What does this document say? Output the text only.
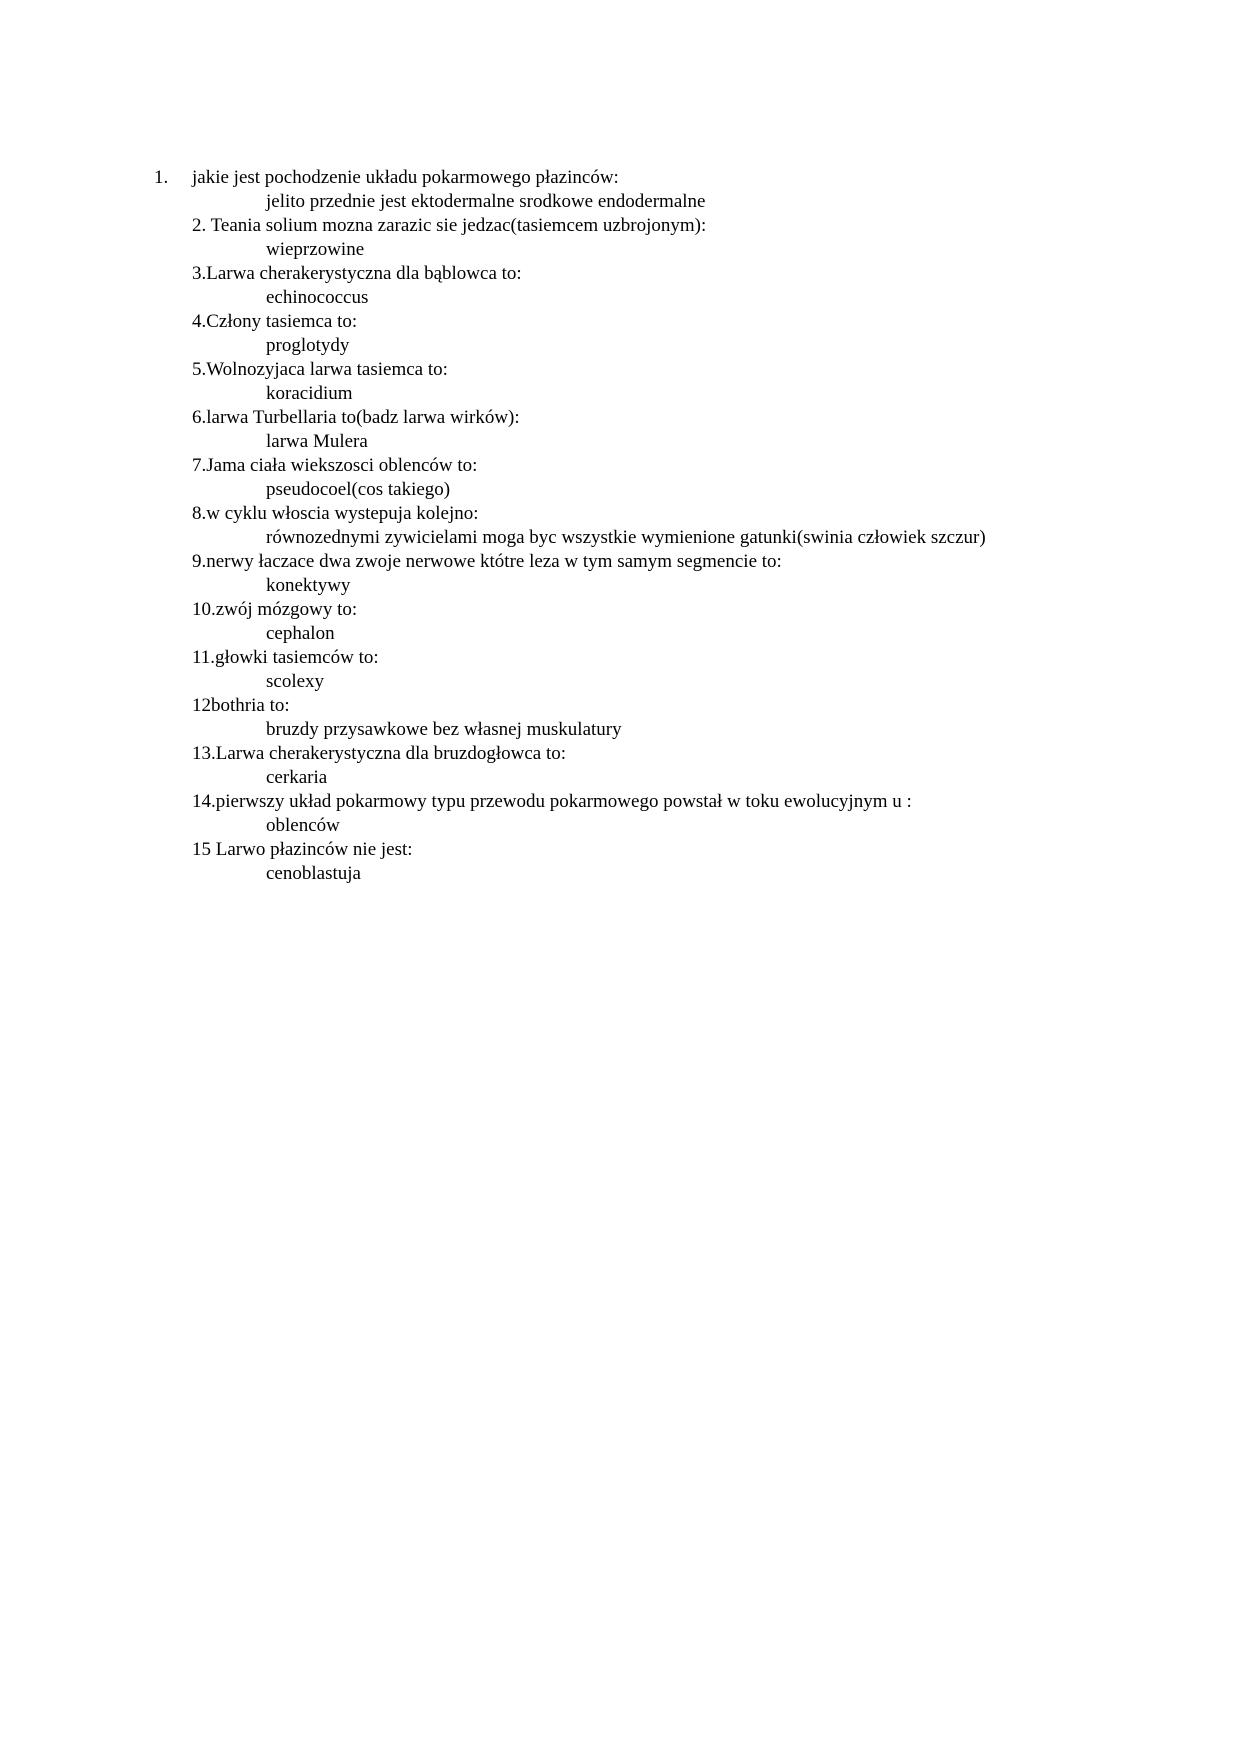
1. jakie jest pochodzenie układu pokarmowego płazinców:
jelito przednie jest ektodermalne srodkowe endodermalne
2. Teania solium mozna zarazic sie jedzac(tasiemcem uzbrojonym):
wieprzowine
3.Larwa cherakerystyczna dla bąblowca to:
echinococcus
4.Człony tasiemca to:
proglotydy
5.Wolnozyjaca larwa tasiemca to:
koracidium
6.larwa Turbellaria to(badz larwa wirków):
larwa Mulera
7.Jama ciała wiekszosci oblenców to:
pseudocoel(cos takiego)
8.w cyklu włoscia wystepuja kolejno:
równozednymi zywicielami moga byc wszystkie wymienione gatunki(swinia człowiek szczur)
9.nerwy łaczace dwa zwoje nerwowe któtre leza w tym samym segmencie to:
konektywy
10.zwój mózgowy to:
cephalon
11.głowki tasiemców to:
scolexy
12bothria to:
bruzdy przysawkowe bez własnej muskulatury
13.Larwa cherakerystyczna dla bruzdogłowca to:
cerkaria
14.pierwszy układ pokarmowy typu przewodu pokarmowego powstał w toku ewolucyjnym u :
oblenców
15 Larwo płazinców nie jest:
cenoblastuja
